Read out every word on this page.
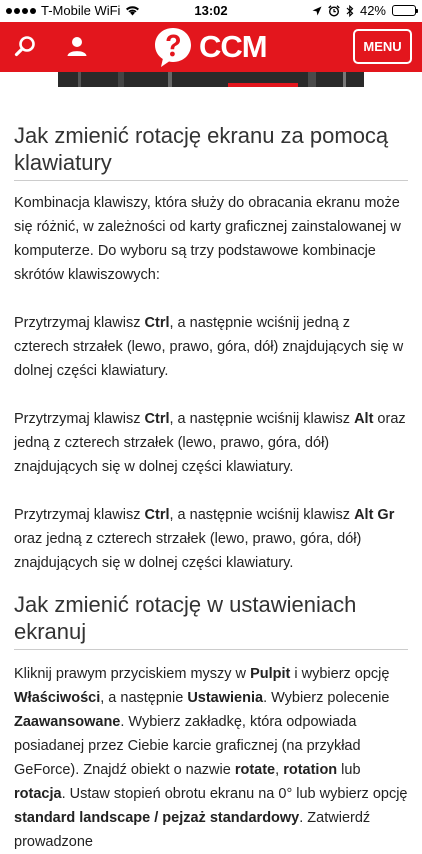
T-Mobile WiFi	13:02	42%
CCM	MENU
Jak zmienić rotację ekranu za pomocą klawiatury

Kombinacja klawiszy, która służy do obracania ekranu może się różnić, w zależności od karty graficznej zainstalowanej w komputerze. Do wyboru są trzy podstawowe kombinacje skrótów klawiszowych:

Przytrzymaj klawisz Ctrl, a następnie wciśnij jedną z czterech strzałek (lewo, prawo, góra, dół) znajdujących się w dolnej części klawiatury.

Przytrzymaj klawisz Ctrl, a następnie wciśnij klawisz Alt oraz jedną z czterech strzałek (lewo, prawo, góra, dół) znajdujących się w dolnej części klawiatury.

Przytrzymaj klawisz Ctrl, a następnie wciśnij klawisz Alt Gr oraz jedną z czterech strzałek (lewo, prawo, góra, dół) znajdujących się w dolnej części klawiatury.

Jak zmienić rotację w ustawieniach ekranuj

Kliknij prawym przyciskiem myszy w Pulpit i wybierz opcję Właściwości, a następnie Ustawienia. Wybierz polecenie Zaawansowane. Wybierz zakładkę, która odpowiada posiadanej przez Ciebie karcie graficznej (na przykład GeForce). Znajdź obiekt o nazwie rotate, rotation lub rotacja. Ustaw stopień obrotu ekranu na 0° lub wybierz opcję standard landscape / pejzaż standardowy. Zatwierdź prowadzone
